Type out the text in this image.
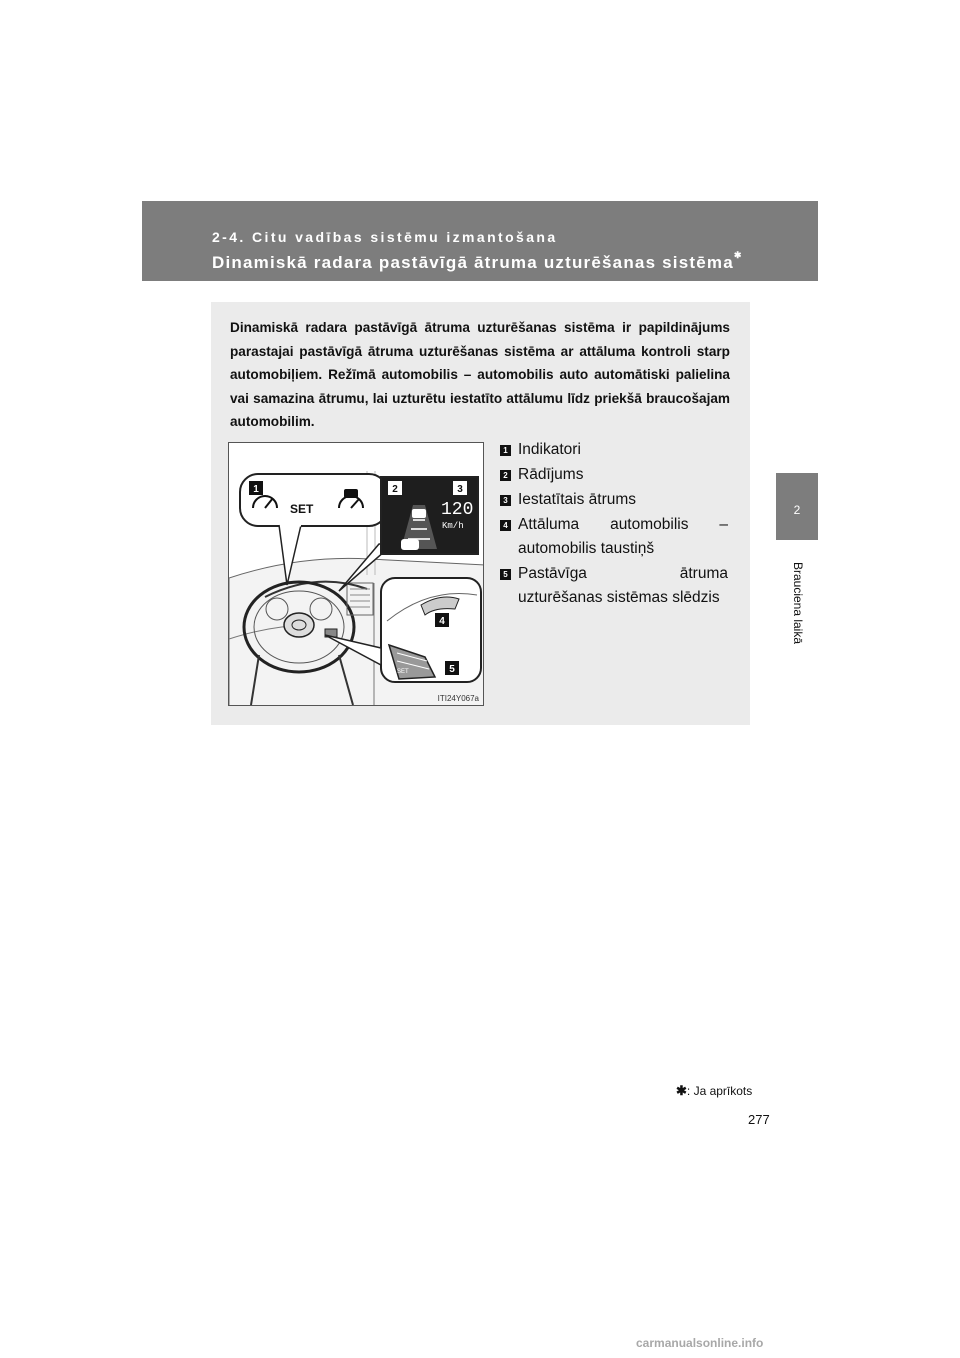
2-4. Citu vadības sistēmu izmantošana
Dinamiskā radara pastāvīgā ātruma uzturēšanas sistēma✱
2
Brauciena laikā

Dinamiskā radara pastāvīgā ātruma uzturēšanas sistēma ir papildinājums parastajai pastāvīgā ātruma uzturēšanas sistēma ar attāluma kontroli starp automobiļiem. Režīmā automobilis – automobilis auto automātiski palielina vai samazina ātrumu, lai uzturētu iestatīto attālumu līdz priekšā braucošajam automobilim.

SET	120
Km/h
SET
1	2	3
4
5
ITI24Y067a
1 Indikatori
2 Rādījums
3 Iestatītais ātrums
4 Attāluma automobilis – automobilis taustiņš
5 Pastāvīga ātruma uzturēšanas sistēmas slēdzis
✱: Ja aprīkots
277
carmanualsonline.info
